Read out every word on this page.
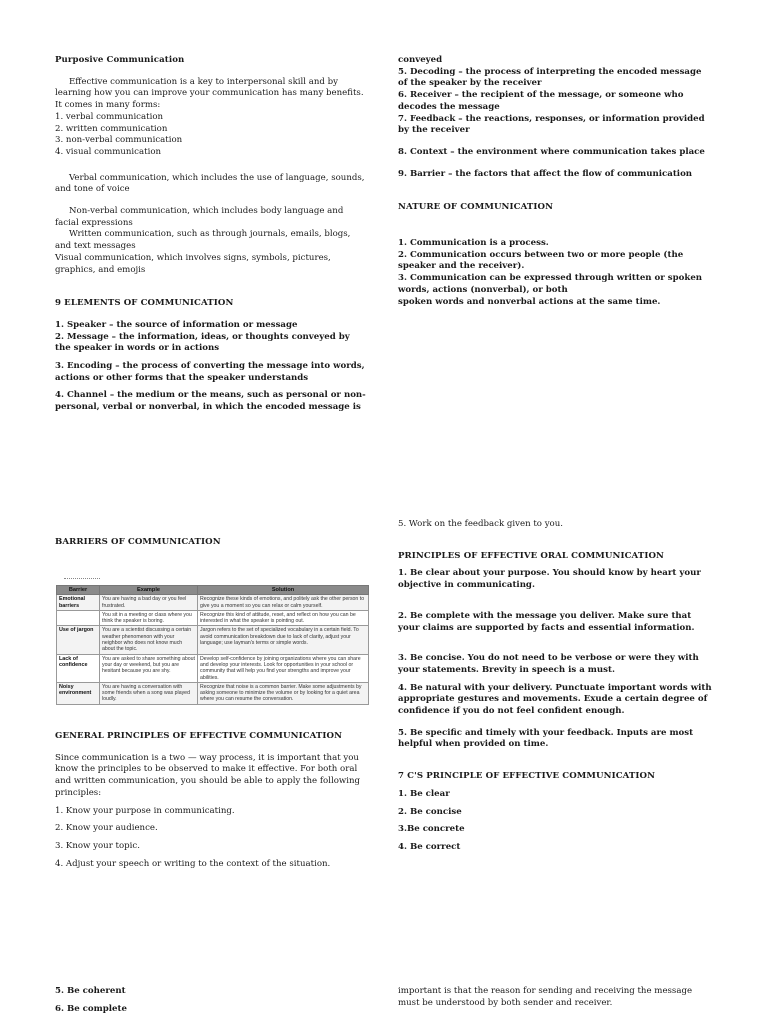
Purposive Communication

Effective communication is a key to interpersonal skill and by learning how you can improve your communication has many benefits.

It comes in many forms:

1. verbal communication

2. written communication

3. non-verbal communication

4. visual communication

Verbal communication, which includes the use of language, sounds, and tone of voice

Non-verbal communication, which includes body language and facial expressions

Written communication, such as through journals, emails, blogs, and text messages

Visual communication, which involves signs, symbols, pictures, graphics, and emojis

9 ELEMENTS OF COMMUNICATION

1. Speaker – the source of information or message

2. Message – the information, ideas, or thoughts conveyed by the speaker in words or in actions

3. Encoding – the process of converting the message into words, actions or other forms that the speaker understands

4. Channel – the medium or the means, such as personal or non-personal, verbal or nonverbal, in which the encoded message is

conveyed

5. Decoding – the process of interpreting the encoded message of the speaker by the receiver

6. Receiver – the recipient of the message, or someone who decodes the message

7. Feedback – the reactions, responses, or information provided by the receiver

8. Context – the environment where communication takes place

9. Barrier – the factors that affect the flow of communication

NATURE OF COMMUNICATION

1. Communication is a process.

2. Communication occurs between two or more people (the speaker and the receiver).

3. Communication can be expressed through written or spoken words, actions (nonverbal), or both

spoken words and nonverbal actions at the same time.

BARRIERS OF COMMUNICATION

Barrier	Example	Solution
Emotional barriers	You are having a bad day or you feel frustrated.	Recognize these kinds of emotions, and politely ask the other person to give you a moment so you can relax or calm yourself.
	You sit in a meeting or class where you think the speaker is boring.	Recognize this kind of attitude, reset, and reflect on how you can be interested in what the speaker is pointing out.
Use of jargon	You are a scientist discussing a certain weather phenomenon with your neighbor who does not know much about the topic.	Jargon refers to the set of specialized vocabulary in a certain field. To avoid communication breakdown due to lack of clarity, adjust your language; use layman's terms or simple words.
Lack of confidence	You are asked to share something about your day or weekend, but you are hesitant because you are shy.	Develop self-confidence by joining organizations where you can share and develop your interests. Look for opportunities in your school or community that will help you find your strengths and improve your abilities.
Noisy environment	You are having a conversation with some friends when a song was played loudly.	Recognize that noise is a common barrier. Make some adjustments by asking someone to minimize the volume or by looking for a quiet area where you can resume the conversation.

GENERAL PRINCIPLES OF EFFECTIVE COMMUNICATION

Since communication is a two — way process, it is important that you know the principles to be observed to make it effective. For both oral and written communication, you should be able to apply the following principles:

1. Know your purpose in communicating.

2. Know your audience.

3. Know your topic.

4. Adjust your speech or writing to the context of the situation.

5. Be coherent

6. Be complete

5. Work on the feedback given to you.

PRINCIPLES OF EFFECTIVE ORAL COMMUNICATION

1. Be clear about your purpose. You should know by heart your objective in communicating.

2. Be complete with the message you deliver. Make sure that your claims are supported by facts and essential information.

3. Be concise. You do not need to be verbose or were they with your statements. Brevity in speech is a must.

4. Be natural with your delivery. Punctuate important words with appropriate gestures and movements. Exude a certain degree of confidence if you do not feel confident enough.

5. Be specific and timely with your feedback. Inputs are most helpful when provided on time.

7 C'S PRINCIPLE OF EFFECTIVE COMMUNICATION

1. Be clear

2. Be concise

3.Be concrete

4. Be correct

important is that the reason for sending and receiving the message must be understood by both sender and receiver.
